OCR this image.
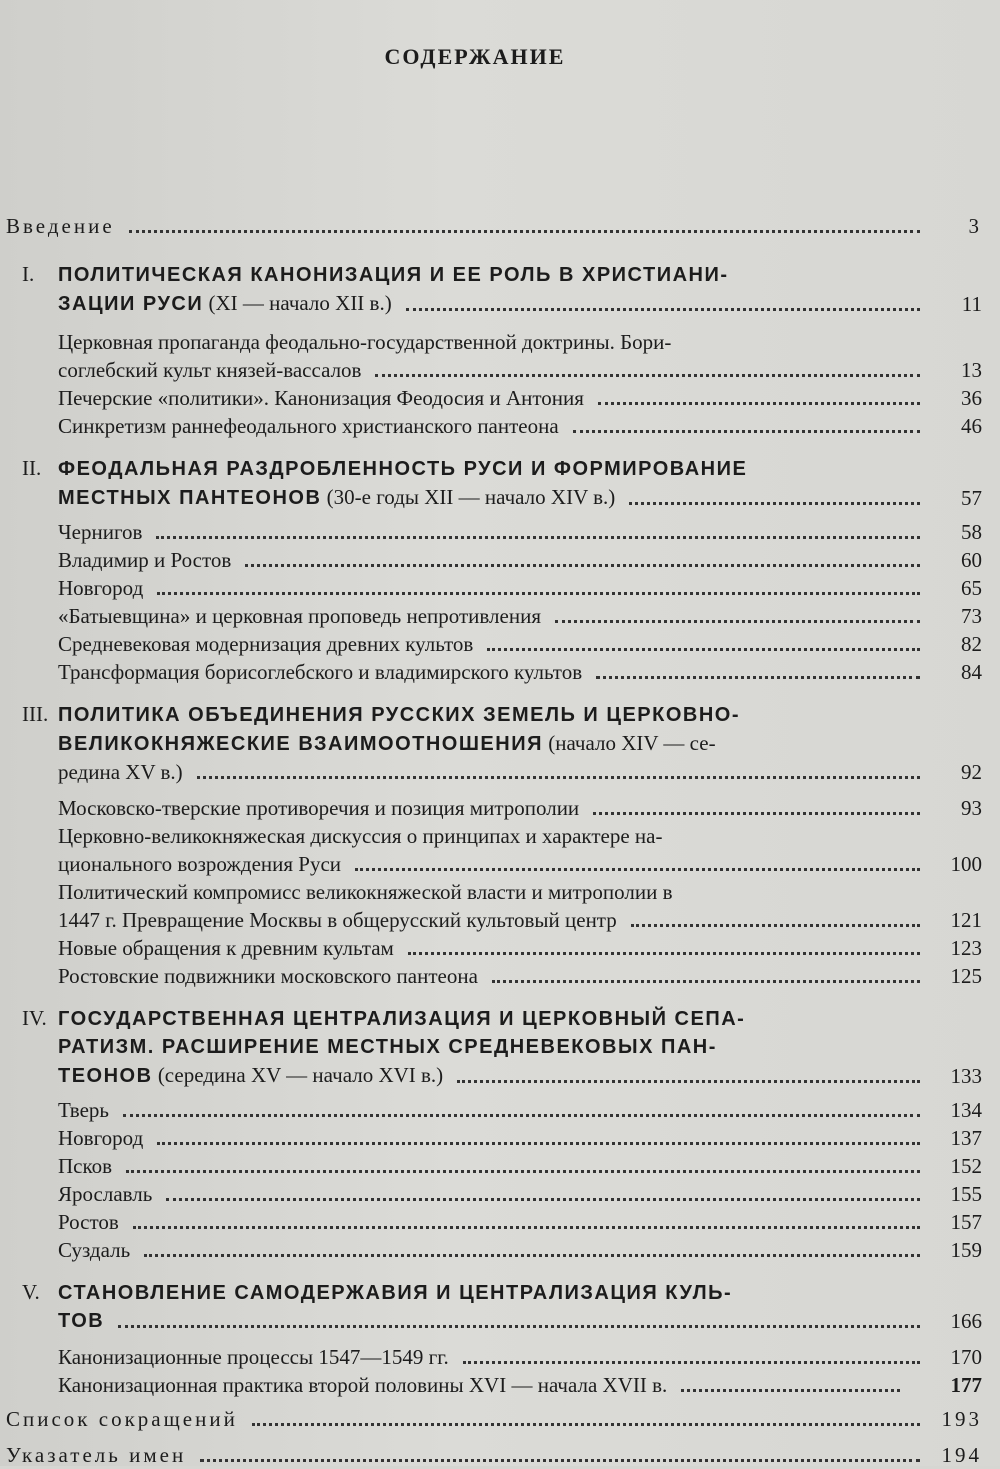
СОДЕРЖАНИЕ
Введение	3
I. ПОЛИТИЧЕСКАЯ КАНОНИЗАЦИЯ И ЕЕ РОЛЬ В ХРИСТИАНИ-
ЗАЦИИ РУСИ (XI — начало XII в.)	11
Церковная пропаганда феодально-государственной доктрины. Бори-
соглебский культ князей-вассалов	13
Печерские «политики». Канонизация Феодосия и Антония	36
Синкретизм раннефеодального христианского пантеона	46
II. ФЕОДАЛЬНАЯ РАЗДРОБЛЕННОСТЬ РУСИ И ФОРМИРОВАНИЕ
МЕСТНЫХ ПАНТЕОНОВ (30-е годы XII — начало XIV в.)	57
Чернигов	58
Владимир и Ростов	60
Новгород	65
«Батыевщина» и церковная проповедь непротивления	73
Средневековая модернизация древних культов	82
Трансформация борисоглебского и владимирского культов	84
III. ПОЛИТИКА ОБЪЕДИНЕНИЯ РУССКИХ ЗЕМЕЛЬ И ЦЕРКОВНО-
ВЕЛИКОКНЯЖЕСКИЕ ВЗАИМООТНОШЕНИЯ (начало XIV — се-
редина XV в.)	92
Московско-тверские противоречия и позиция митрополии	93
Церковно-великокняжеская дискуссия о принципах и характере на-
ционального возрождения Руси	100
Политический компромисс великокняжеской власти и митрополии в
1447 г. Превращение Москвы в общерусский культовый центр	121
Новые обращения к древним культам	123
Ростовские подвижники московского пантеона	125
IV. ГОСУДАРСТВЕННАЯ ЦЕНТРАЛИЗАЦИЯ И ЦЕРКОВНЫЙ СЕПА-
РАТИЗМ. РАСШИРЕНИЕ МЕСТНЫХ СРЕДНЕВЕКОВЫХ ПАН-
ТЕОНОВ (середина XV — начало XVI в.)	133
Тверь	134
Новгород	137
Псков	152
Ярославль	155
Ростов	157
Суздаль	159
V. СТАНОВЛЕНИЕ САМОДЕРЖАВИЯ И ЦЕНТРАЛИЗАЦИЯ КУЛЬ-
ТОВ	166
Канонизационные процессы 1547—1549 гг.	170
Канонизационная практика второй половины XVI — начала XVII в.	177
Список сокращений	193
Указатель имен	194
